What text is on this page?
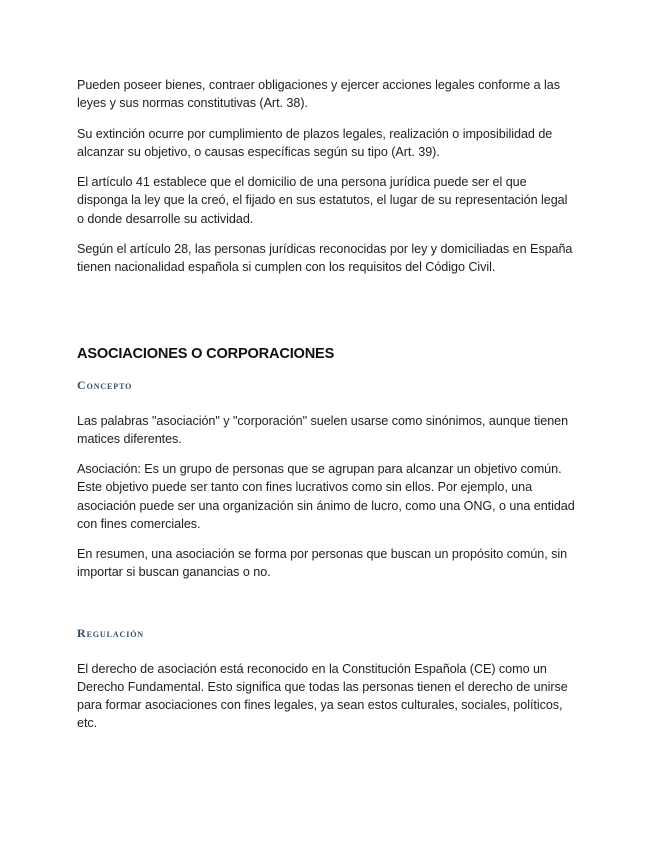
Pueden poseer bienes, contraer obligaciones y ejercer acciones legales conforme a las leyes y sus normas constitutivas (Art. 38).

Su extinción ocurre por cumplimiento de plazos legales, realización o imposibilidad de alcanzar su objetivo, o causas específicas según su tipo (Art. 39).

El artículo 41 establece que el domicilio de una persona jurídica puede ser el que disponga la ley que la creó, el fijado en sus estatutos, el lugar de su representación legal o donde desarrolle su actividad.

Según el artículo 28, las personas jurídicas reconocidas por ley y domiciliadas en España tienen nacionalidad española si cumplen con los requisitos del Código Civil.

ASOCIACIONES O CORPORACIONES
Concepto

Las palabras "asociación" y "corporación" suelen usarse como sinónimos, aunque tienen matices diferentes.

Asociación: Es un grupo de personas que se agrupan para alcanzar un objetivo común. Este objetivo puede ser tanto con fines lucrativos como sin ellos. Por ejemplo, una asociación puede ser una organización sin ánimo de lucro, como una ONG, o una entidad con fines comerciales.

En resumen, una asociación se forma por personas que buscan un propósito común, sin importar si buscan ganancias o no.

Regulación

El derecho de asociación está reconocido en la Constitución Española (CE) como un Derecho Fundamental. Esto significa que todas las personas tienen el derecho de unirse para formar asociaciones con fines legales, ya sean estos culturales, sociales, políticos, etc.
